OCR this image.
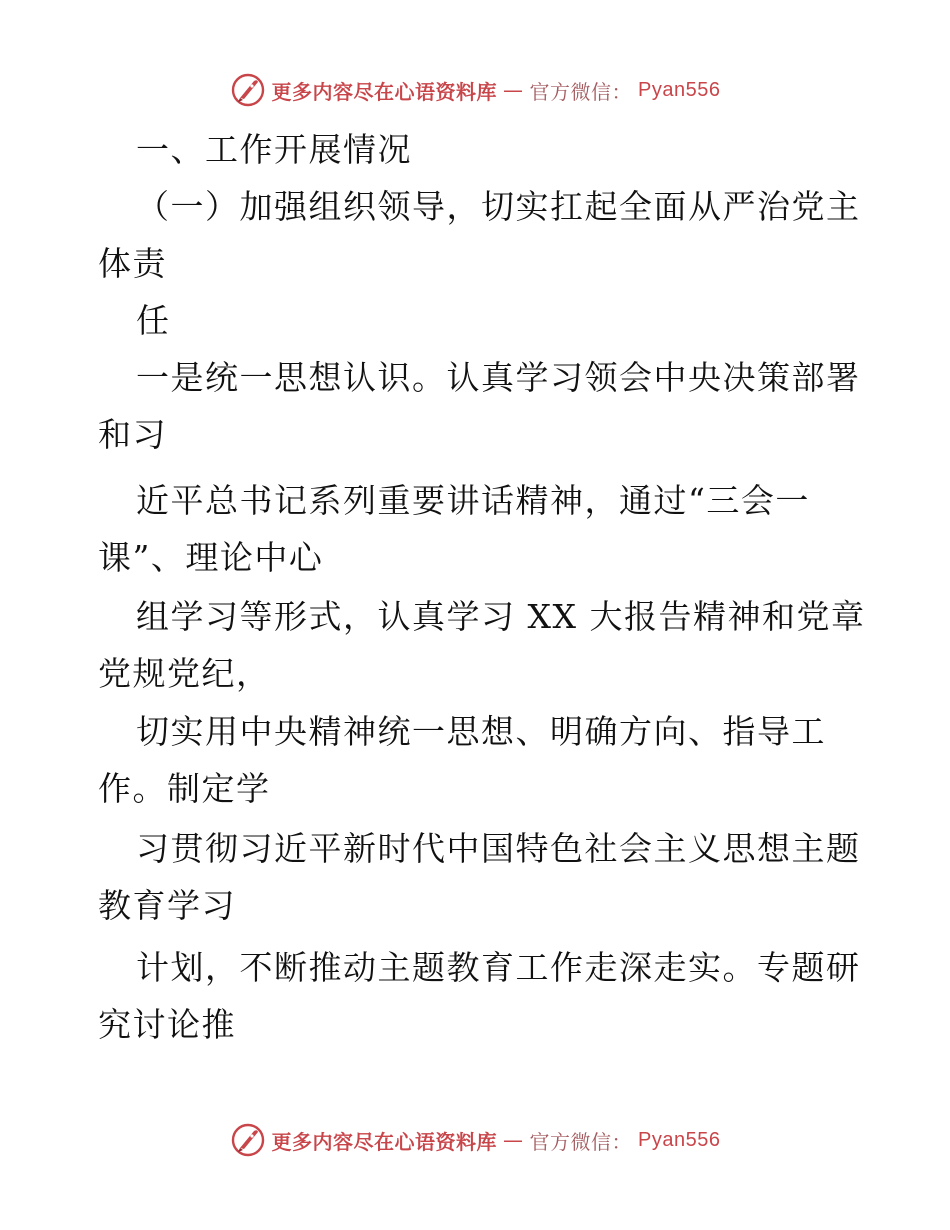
更多内容尽在心语资料库 — 官方微信： Pyan556
一、工作开展情况
（一）加强组织领导，切实扛起全面从严治党主
体责
任
一是统一思想认识。认真学习领会中央决策部署
和习
近平总书记系列重要讲话精神，通过“三会一
课”、理论中心
组学习等形式，认真学习 XX 大报告精神和党章
党规党纪，
切实用中央精神统一思想、明确方向、指导工
作。制定学
习贯彻习近平新时代中国特色社会主义思想主题
教育学习
计划，不断推动主题教育工作走深走实。专题研
究讨论推
更多内容尽在心语资料库 — 官方微信： Pyan556
